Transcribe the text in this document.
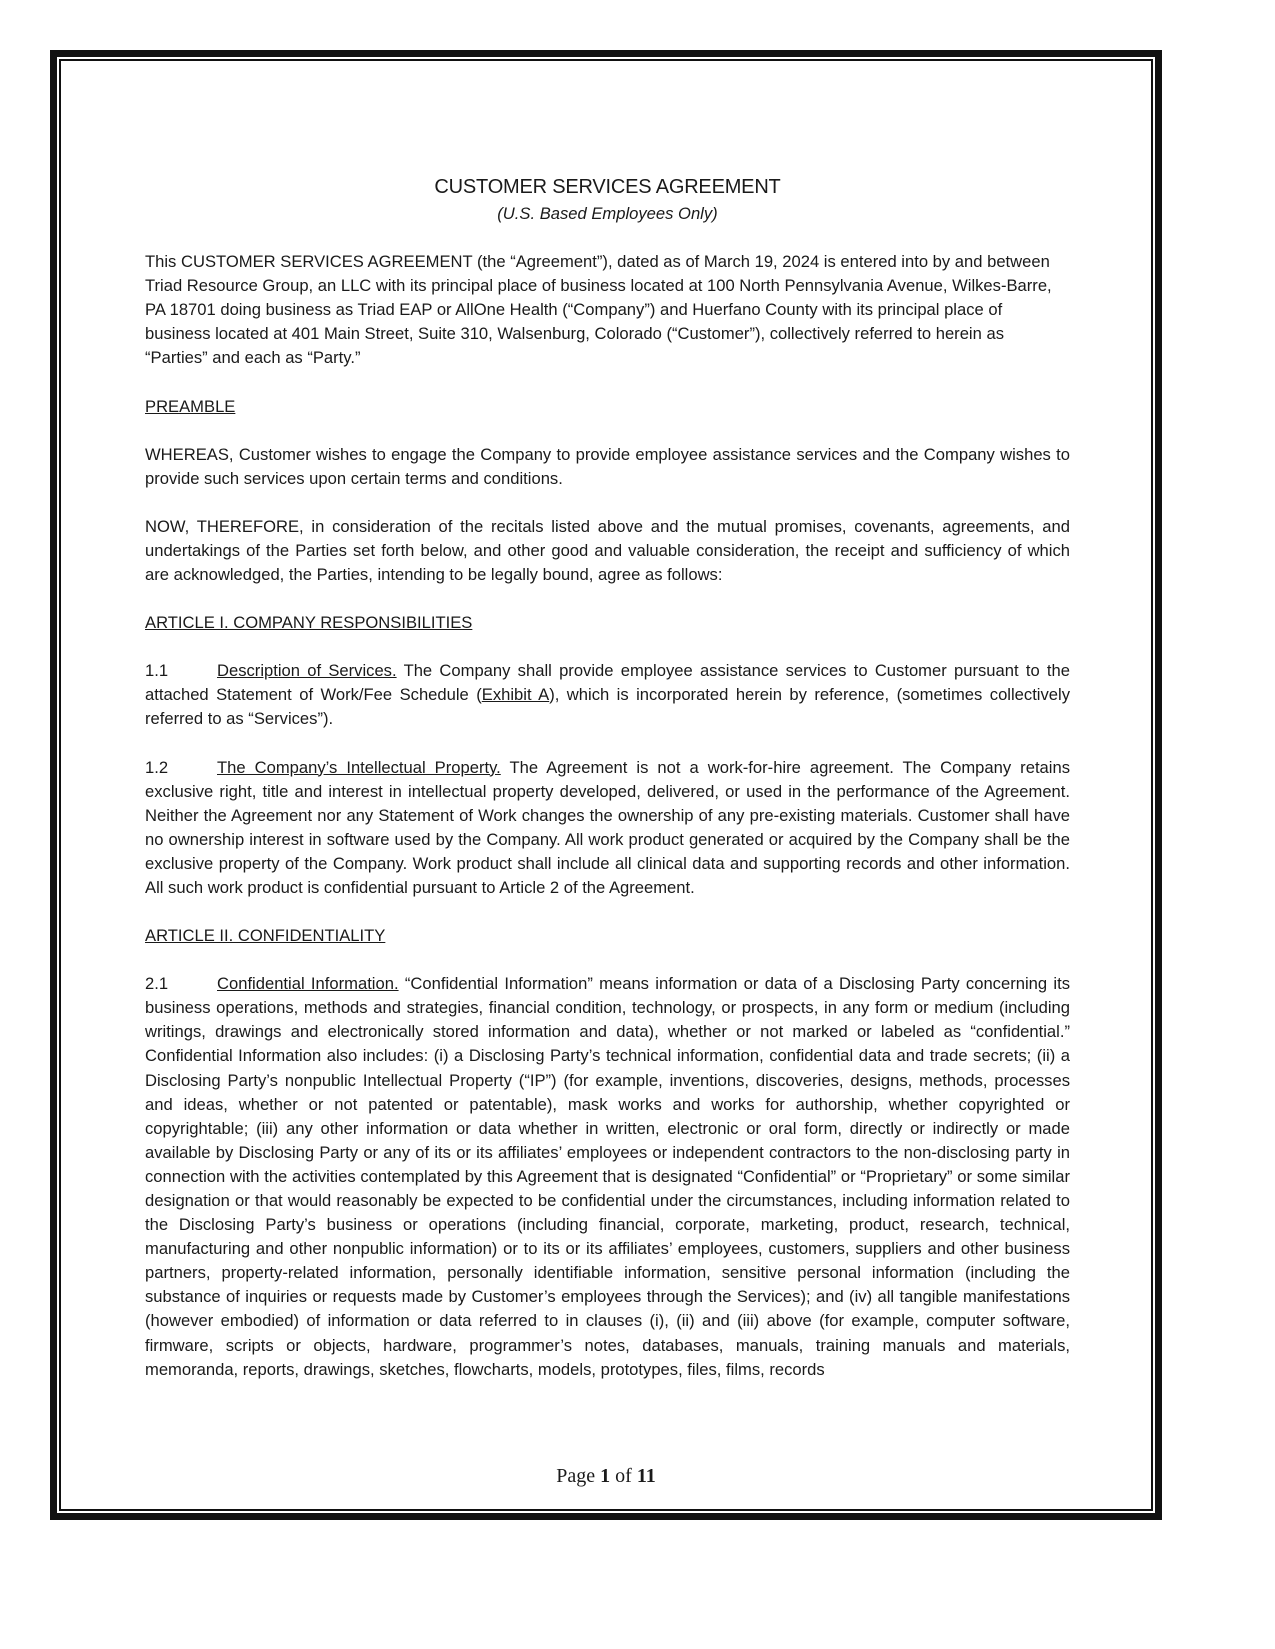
CUSTOMER SERVICES AGREEMENT
(U.S. Based Employees Only)

This CUSTOMER SERVICES AGREEMENT (the “Agreement”), dated as of March 19, 2024 is entered into by and between Triad Resource Group, an LLC with its principal place of business located at 100 North Pennsylvania Avenue, Wilkes-Barre, PA 18701 doing business as Triad EAP or AllOne Health (“Company”) and Huerfano County with its principal place of business located at 401 Main Street, Suite 310, Walsenburg, Colorado (“Customer”), collectively referred to herein as “Parties” and each as “Party.”

PREAMBLE

WHEREAS, Customer wishes to engage the Company to provide employee assistance services and the Company wishes to provide such services upon certain terms and conditions.

NOW, THEREFORE, in consideration of the recitals listed above and the mutual promises, covenants, agreements, and undertakings of the Parties set forth below, and other good and valuable consideration, the receipt and sufficiency of which are acknowledged, the Parties, intending to be legally bound, agree as follows:

ARTICLE I. COMPANY RESPONSIBILITIES

1.1	Description of Services. The Company shall provide employee assistance services to Customer pursuant to the attached Statement of Work/Fee Schedule (Exhibit A), which is incorporated herein by reference, (sometimes collectively referred to as “Services”).

1.2	The Company’s Intellectual Property. The Agreement is not a work-for-hire agreement. The Company retains exclusive right, title and interest in intellectual property developed, delivered, or used in the performance of the Agreement. Neither the Agreement nor any Statement of Work changes the ownership of any pre-existing materials. Customer shall have no ownership interest in software used by the Company. All work product generated or acquired by the Company shall be the exclusive property of the Company. Work product shall include all clinical data and supporting records and other information. All such work product is confidential pursuant to Article 2 of the Agreement.

ARTICLE II. CONFIDENTIALITY

2.1	Confidential Information. “Confidential Information” means information or data of a Disclosing Party concerning its business operations, methods and strategies, financial condition, technology, or prospects, in any form or medium (including writings, drawings and electronically stored information and data), whether or not marked or labeled as “confidential.” Confidential Information also includes: (i) a Disclosing Party’s technical information, confidential data and trade secrets; (ii) a Disclosing Party’s nonpublic Intellectual Property (“IP”) (for example, inventions, discoveries, designs, methods, processes and ideas, whether or not patented or patentable), mask works and works for authorship, whether copyrighted or copyrightable; (iii) any other information or data whether in written, electronic or oral form, directly or indirectly or made available by Disclosing Party or any of its or its affiliates’ employees or independent contractors to the non-disclosing party in connection with the activities contemplated by this Agreement that is designated “Confidential” or “Proprietary” or some similar designation or that would reasonably be expected to be confidential under the circumstances, including information related to the Disclosing Party’s business or operations (including financial, corporate, marketing, product, research, technical, manufacturing and other nonpublic information) or to its or its affiliates’ employees, customers, suppliers and other business partners, property-related information, personally identifiable information, sensitive personal information (including the substance of inquiries or requests made by Customer’s employees through the Services); and (iv) all tangible manifestations (however embodied) of information or data referred to in clauses (i), (ii) and (iii) above (for example, computer software, firmware, scripts or objects, hardware, programmer’s notes, databases, manuals, training manuals and materials, memoranda, reports, drawings, sketches, flowcharts, models, prototypes, files, films, records

Page 1 of 11
